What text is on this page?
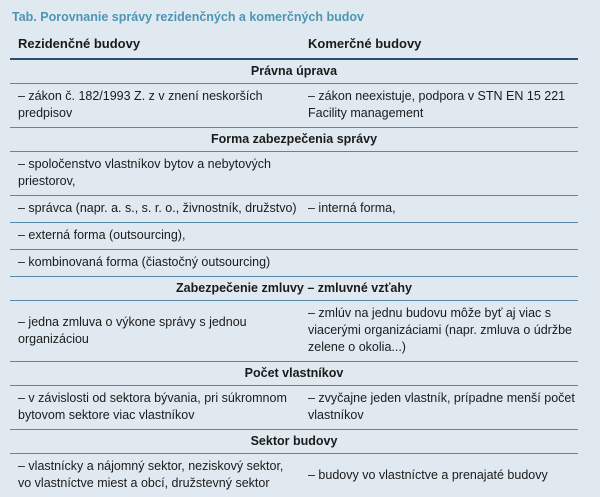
Tab. Porovnanie správy rezidenčných a komerčných budov
Rezidenčné budovy	Komerčné budovy
Právna úprava
– zákon č. 182/1993 Z. z v znení neskorších predpisov
– zákon neexistuje, podpora v STN EN 15 221 Facility management
Forma zabezpečenia správy
– spoločenstvo vlastníkov bytov a nebytových priestorov,
– správca (napr. a. s., s. r. o., živnostník, družstvo) – interná forma,
– externá forma (outsourcing),
– kombinovaná forma (čiastočný outsourcing)
Zabezpečenie zmluvy – zmluvné vzťahy
– jedna zmluva o výkone správy s jednou organizáciou
– zmlúv na jednu budovu môže byť aj viac s viacerými organizáciami (napr. zmluva o údržbe zelene o okolia...)
Počet vlastníkov
– v závislosti od sektora bývania, pri súkromnom bytovom sektore viac vlastníkov
– zvyčajne jeden vlastník, prípadne menší počet vlastníkov
Sektor budovy
– vlastnícky a nájomný sektor, neziskový sektor, vo vlastníctve miest a obcí, družstevný sektor
– budovy vo vlastníctve a prenajaté budovy
